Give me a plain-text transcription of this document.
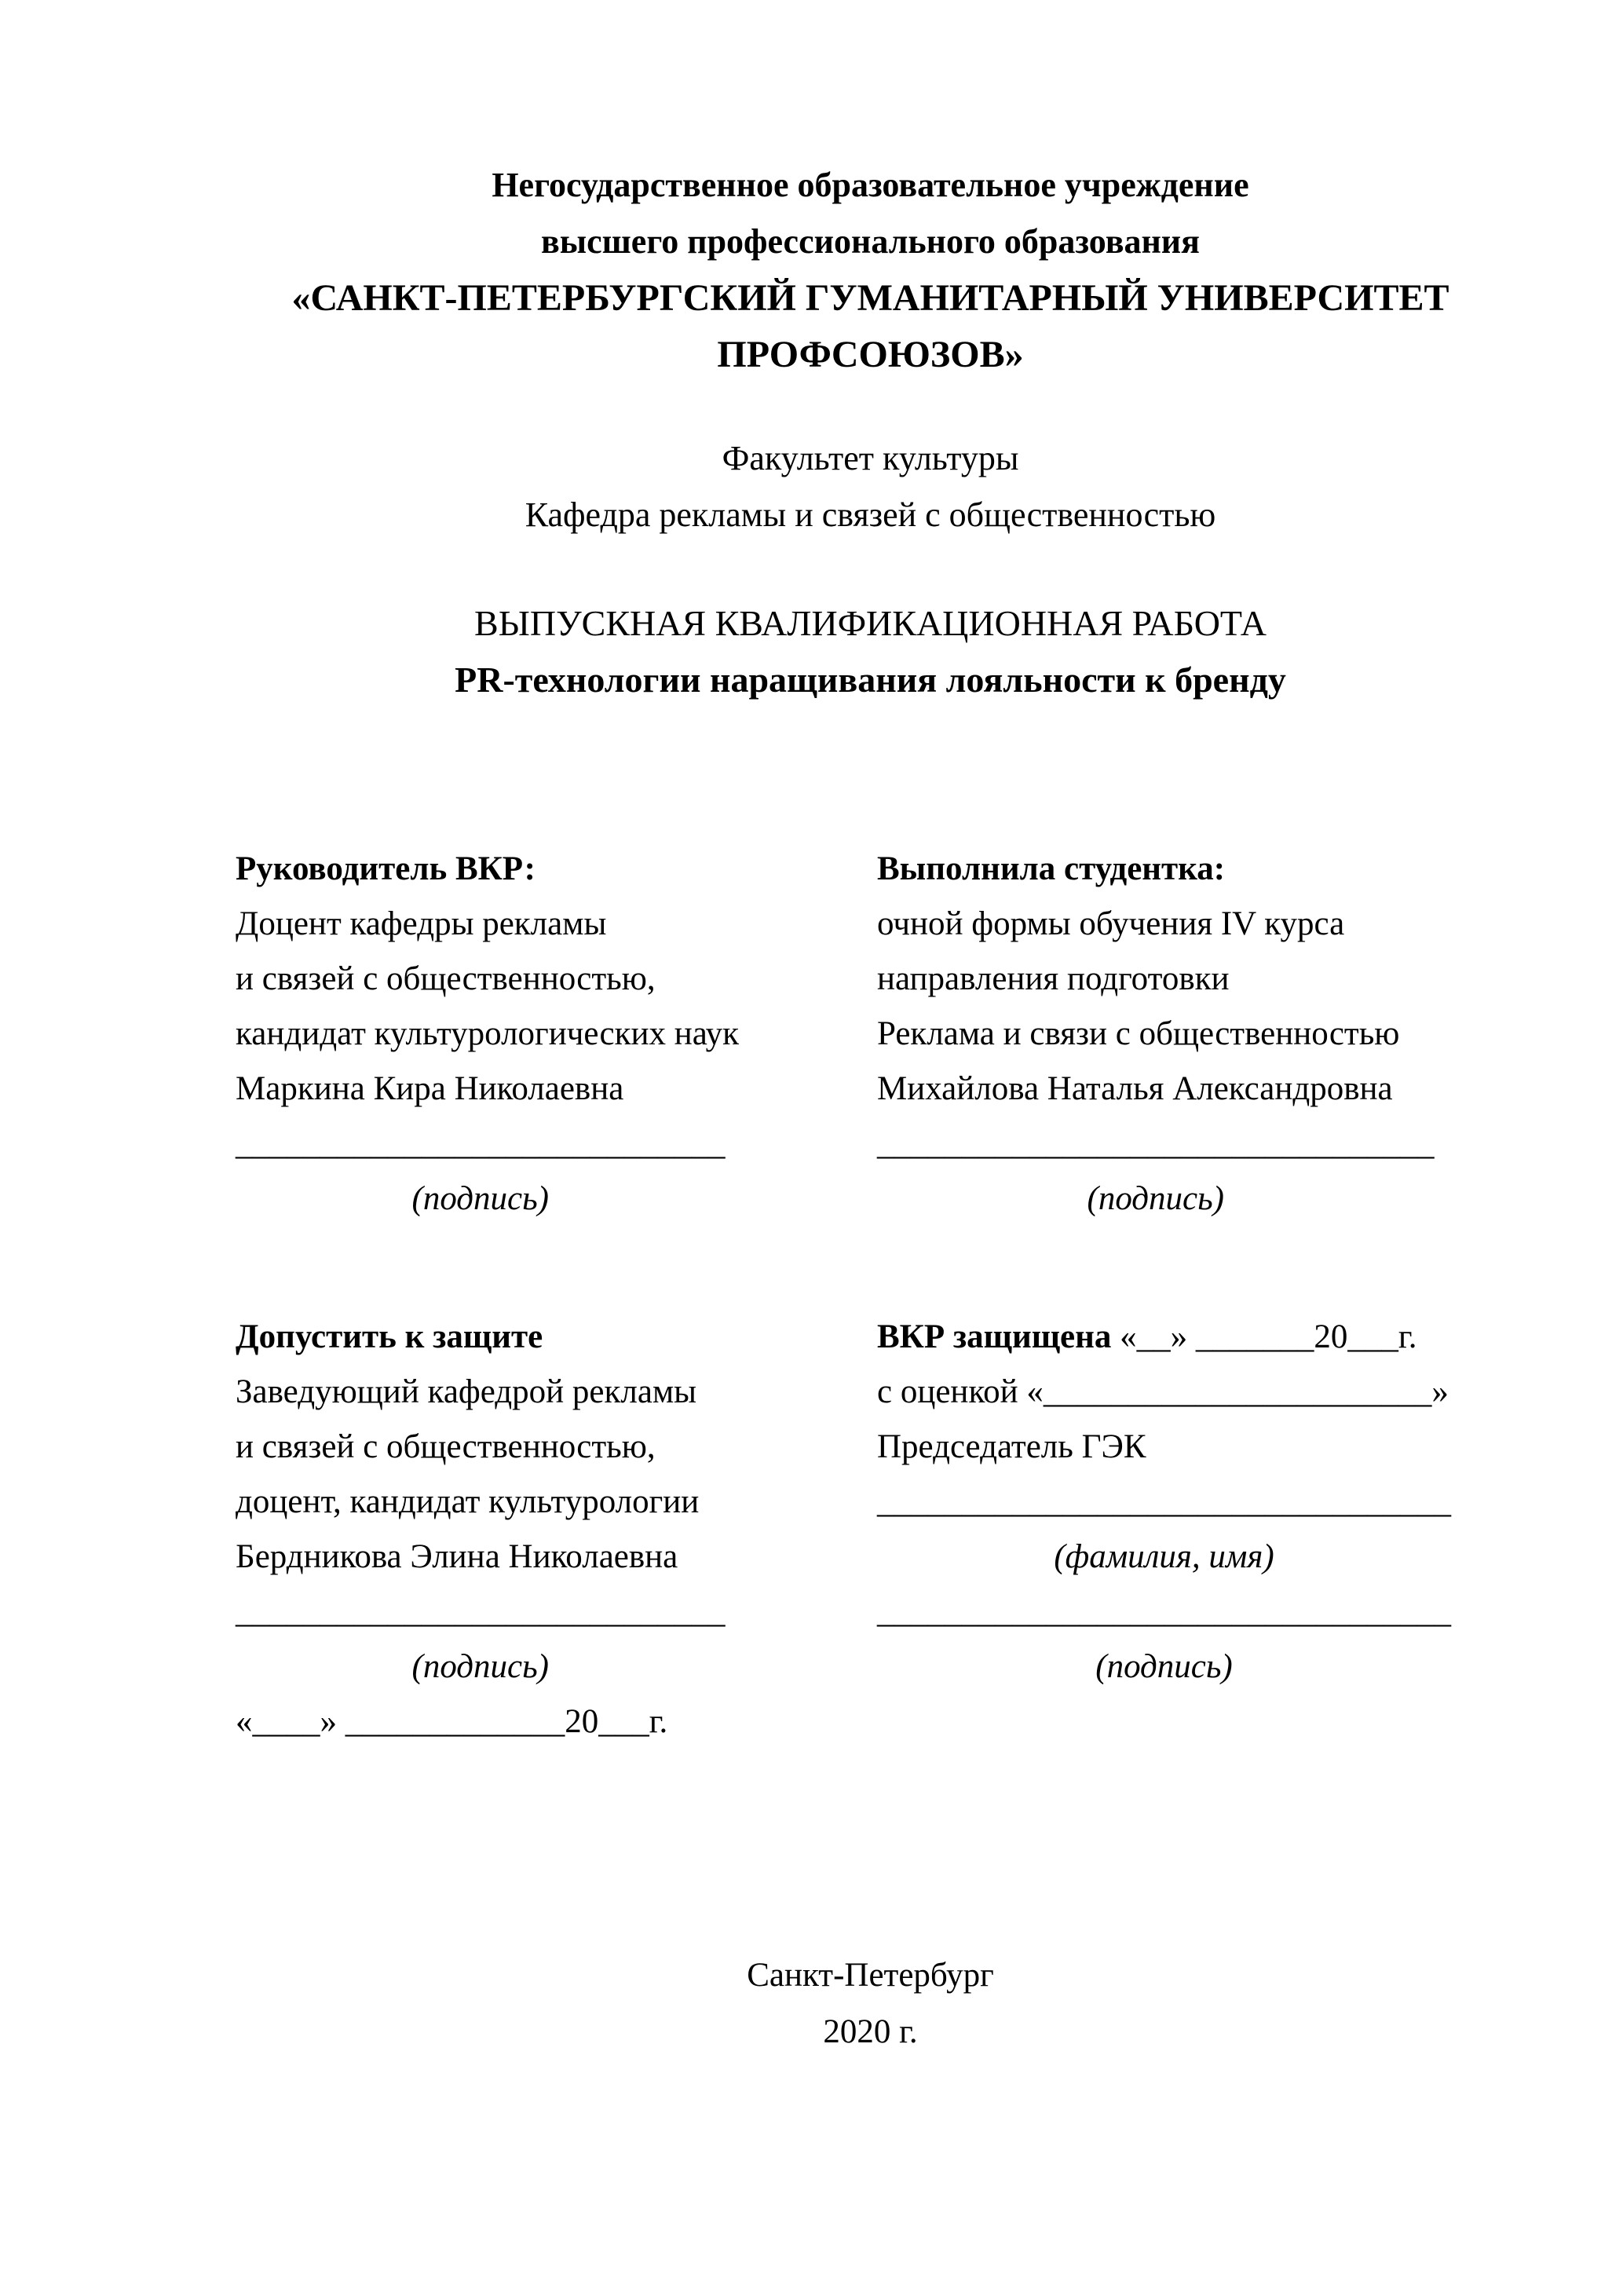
Негосударственное образовательное учреждение
высшего профессионального образования
«САНКТ-ПЕТЕРБУРГСКИЙ ГУМАНИТАРНЫЙ УНИВЕРСИТЕТ
ПРОФСОЮЗОВ»
Факультет культуры
Кафедра рекламы и связей с общественностью
ВЫПУСКНАЯ КВАЛИФИКАЦИОННАЯ РАБОТА
PR-технологии наращивания лояльности к бренду
Руководитель ВКР:
Доцент кафедры рекламы
и связей с общественностью,
кандидат культурологических наук
Маркина Кира Николаевна
_____________________________
(подпись)
Выполнила студентка:
очной формы обучения IV курса
направления подготовки
Реклама и связи с общественностью
Михайлова Наталья Александровна
_________________________________
(подпись)
Допустить к защите
Заведующий кафедрой рекламы
и связей с общественностью,
доцент, кандидат культурологии
Бердникова Элина Николаевна
_____________________________
(подпись)
«____» _____________20___г.
ВКР защищена «__» _______20___г.
с оценкой «_______________________»
Председатель ГЭК
__________________________________
(фамилия, имя)
__________________________________
(подпись)
Санкт-Петербург
2020 г.
